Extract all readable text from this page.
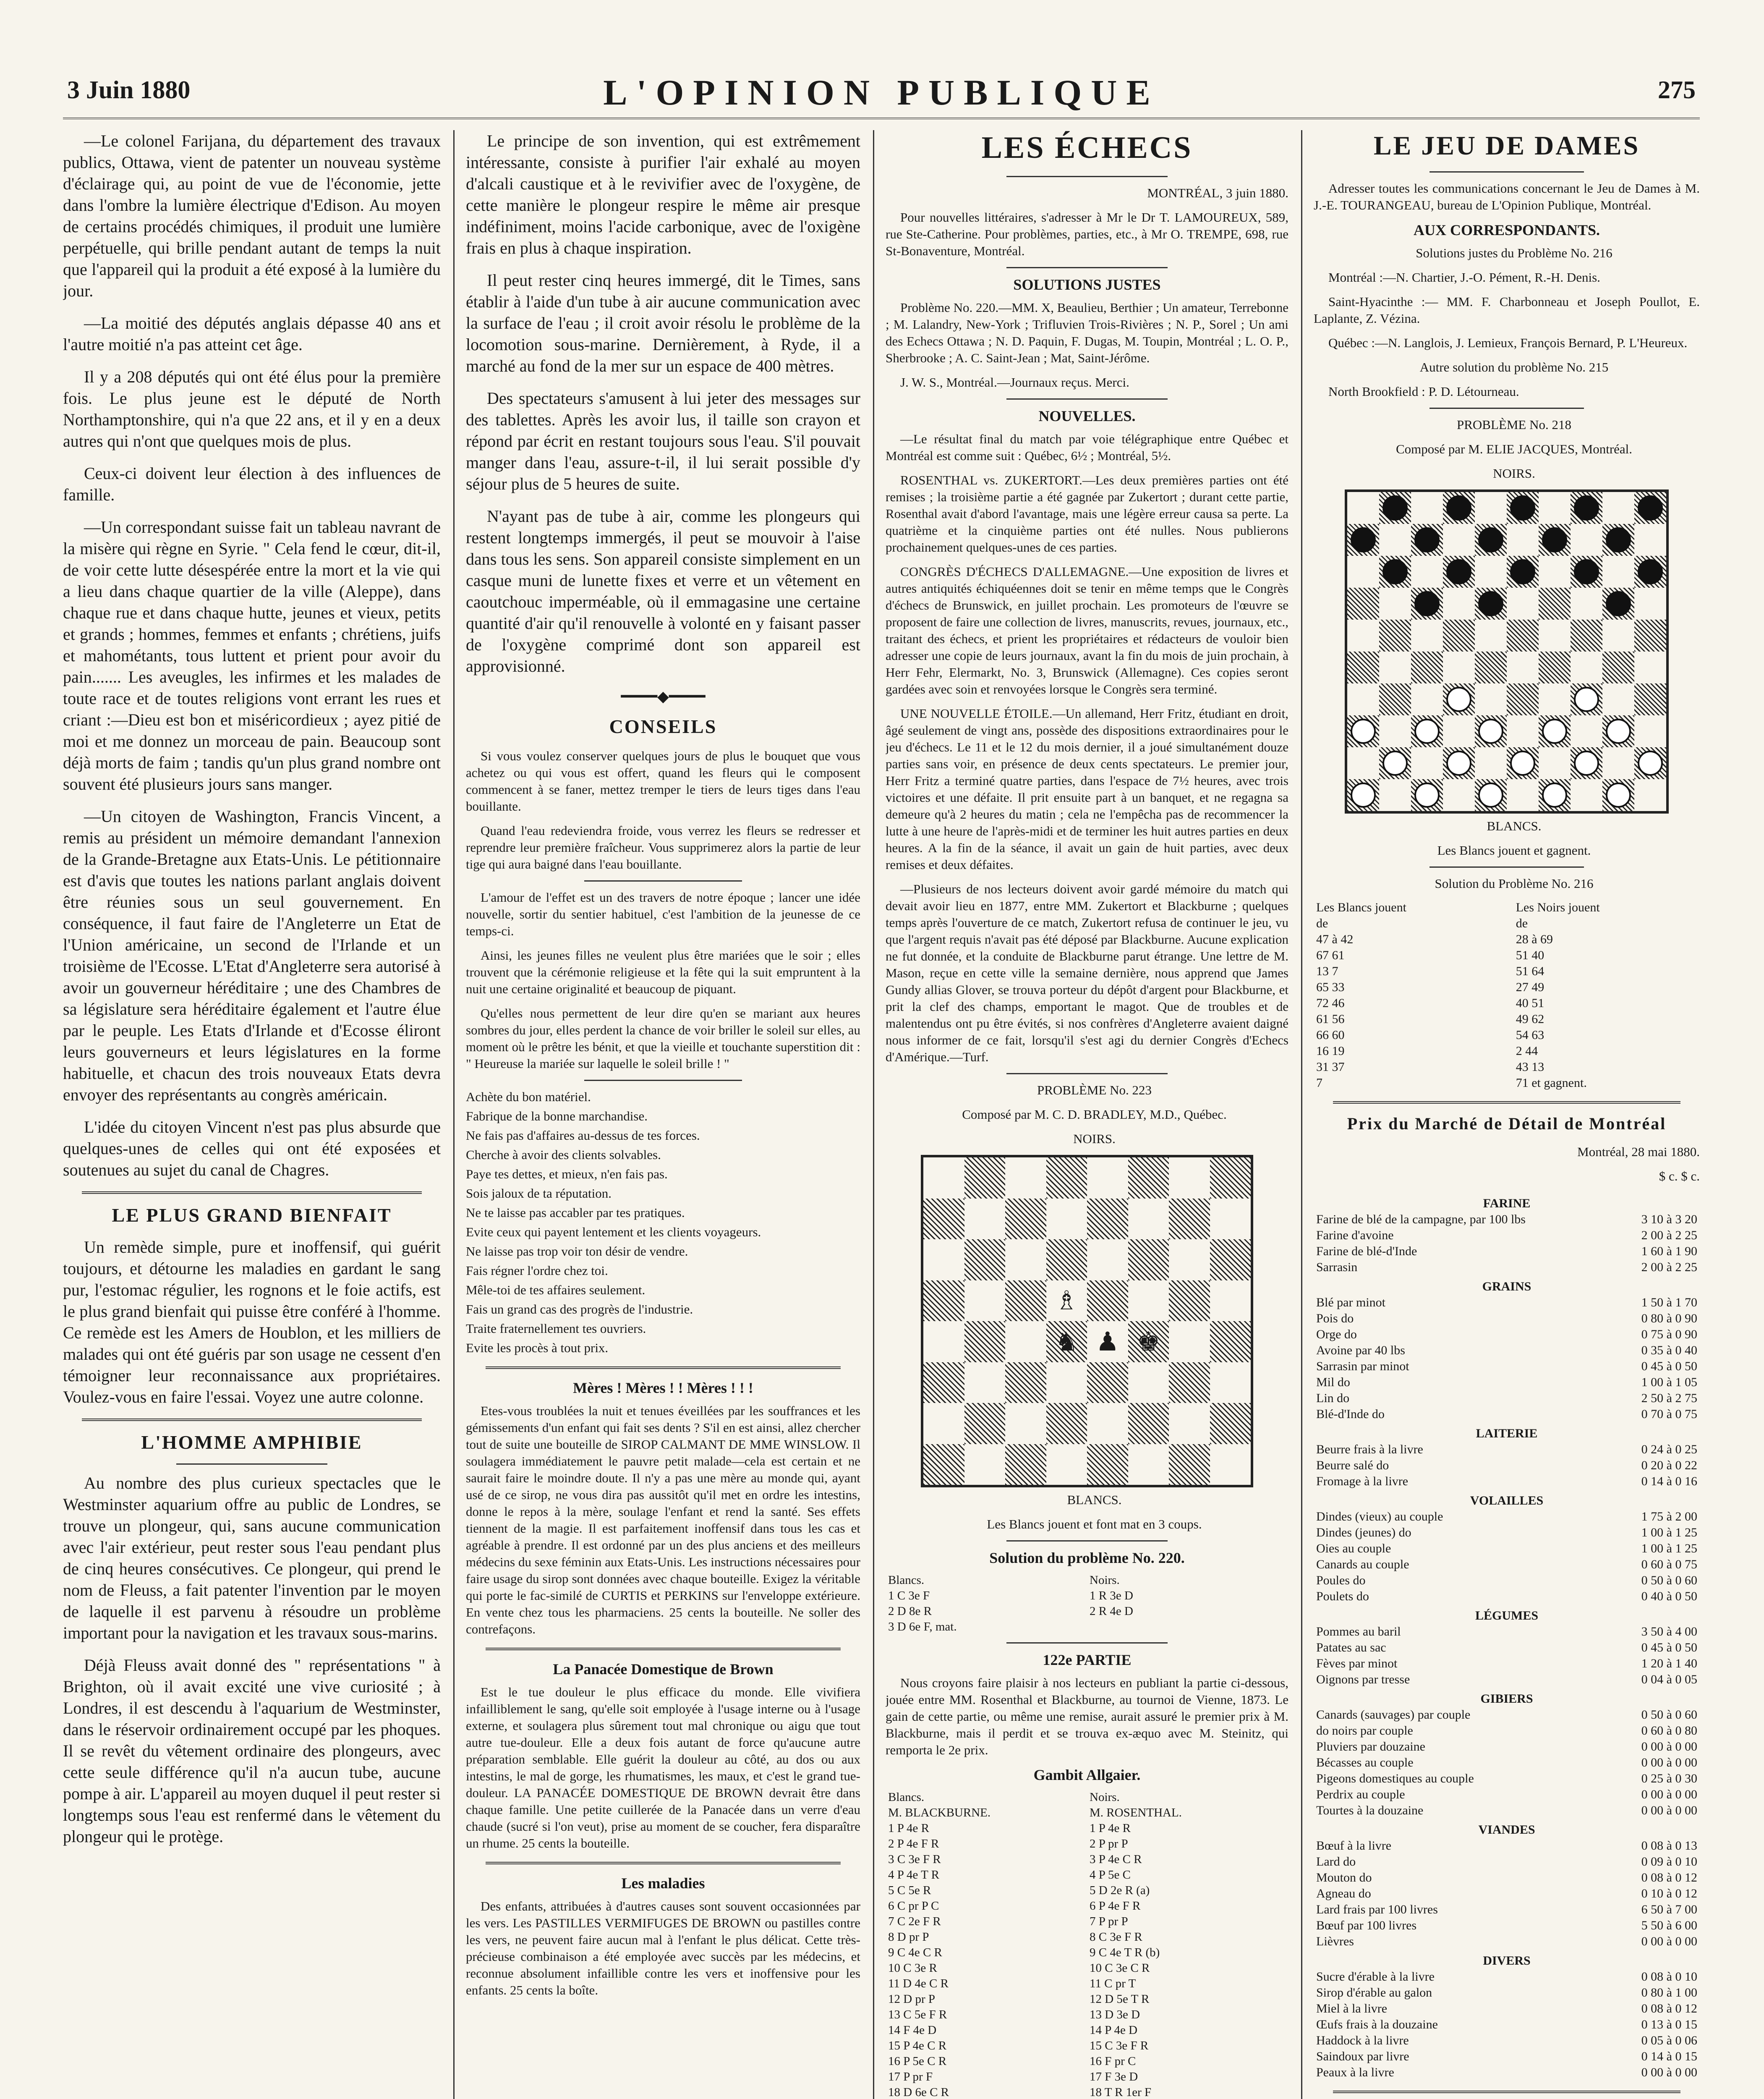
3 Juin 1880	L'OPINION PUBLIQUE	275

—Le colonel Farijana, du département des travaux publics, Ottawa, vient de patenter un nouveau système d'éclairage qui, au point de vue de l'économie, jette dans l'ombre la lumière électrique d'Edison. Au moyen de certains procédés chimiques, il produit une lumière perpétuelle, qui brille pendant autant de temps la nuit que l'appareil qui la produit a été exposé à la lumière du jour.

—La moitié des députés anglais dépasse 40 ans et l'autre moitié n'a pas atteint cet âge.

Il y a 208 députés qui ont été élus pour la première fois. Le plus jeune est le député de North Northamptonshire, qui n'a que 22 ans, et il y en a deux autres qui n'ont que quelques mois de plus.

Ceux-ci doivent leur élection à des influences de famille.

—Un correspondant suisse fait un tableau navrant de la misère qui règne en Syrie. " Cela fend le cœur, dit-il, de voir cette lutte désespérée entre la mort et la vie qui a lieu dans chaque quartier de la ville (Aleppe), dans chaque rue et dans chaque hutte, jeunes et vieux, petits et grands ; hommes, femmes et enfants ; chrétiens, juifs et mahométants, tous luttent et prient pour avoir du pain....... Les aveugles, les infirmes et les malades de toute race et de toutes religions vont errant les rues et criant :—Dieu est bon et miséricordieux ; ayez pitié de moi et me donnez un morceau de pain. Beaucoup sont déjà morts de faim ; tandis qu'un plus grand nombre ont souvent été plusieurs jours sans manger.

—Un citoyen de Washington, Francis Vincent, a remis au président un mémoire demandant l'annexion de la Grande-Bretagne aux Etats-Unis. Le pétitionnaire est d'avis que toutes les nations parlant anglais doivent être réunies sous un seul gouvernement. En conséquence, il faut faire de l'Angleterre un Etat de l'Union américaine, un second de l'Irlande et un troisième de l'Ecosse. L'Etat d'Angleterre sera autorisé à avoir un gouverneur héréditaire ; une des Chambres de sa législature sera héréditaire également et l'autre élue par le peuple. Les Etats d'Irlande et d'Ecosse éliront leurs gouverneurs et leurs législatures en la forme habituelle, et chacun des trois nouveaux Etats devra envoyer des représentants au congrès américain.

L'idée du citoyen Vincent n'est pas plus absurde que quelques-unes de celles qui ont été exposées et soutenues au sujet du canal de Chagres.

LE PLUS GRAND BIENFAIT

Un remède simple, pure et inoffensif, qui guérit toujours, et détourne les maladies en gardant le sang pur, l'estomac régulier, les rognons et le foie actifs, est le plus grand bienfait qui puisse être conféré à l'homme. Ce remède est les Amers de Houblon, et les milliers de malades qui ont été guéris par son usage ne cessent d'en témoigner leur reconnaissance aux propriétaires. Voulez-vous en faire l'essai. Voyez une autre colonne.

L'HOMME AMPHIBIE

Au nombre des plus curieux spectacles que le Westminster aquarium offre au public de Londres, se trouve un plongeur, qui, sans aucune communication avec l'air extérieur, peut rester sous l'eau pendant plus de cinq heures consécutives. Ce plongeur, qui prend le nom de Fleuss, a fait patenter l'invention par le moyen de laquelle il est parvenu à résoudre un problème important pour la navigation et les travaux sous-marins.

Déjà Fleuss avait donné des " représentations " à Brighton, où il avait excité une vive curiosité ; à Londres, il est descendu à l'aquarium de Westminster, dans le réservoir ordinairement occupé par les phoques. Il se revêt du vêtement ordinaire des plongeurs, avec cette seule différence qu'il n'a aucun tube, aucune pompe à air. L'appareil au moyen duquel il peut rester si longtemps sous l'eau est renfermé dans le vêtement du plongeur qui le protège.

Le principe de son invention, qui est extrêmement intéressante, consiste à purifier l'air exhalé au moyen d'alcali caustique et à le revivifier avec de l'oxygène, de cette manière le plongeur respire le même air presque indéfiniment, moins l'acide carbonique, avec de l'oxigène frais en plus à chaque inspiration.

Il peut rester cinq heures immergé, dit le Times, sans établir à l'aide d'un tube à air aucune communication avec la surface de l'eau ; il croit avoir résolu le problème de la locomotion sous-marine. Dernièrement, à Ryde, il a marché au fond de la mer sur un espace de 400 mètres.

Des spectateurs s'amusent à lui jeter des messages sur des tablettes. Après les avoir lus, il taille son crayon et répond par écrit en restant toujours sous l'eau. S'il pouvait manger dans l'eau, assure-t-il, il lui serait possible d'y séjour plus de 5 heures de suite.

N'ayant pas de tube à air, comme les plongeurs qui restent longtemps immergés, il peut se mouvoir à l'aise dans tous les sens. Son appareil consiste simplement en un casque muni de lunette fixes et verre et un vêtement en caoutchouc imperméable, où il emmagasine une certaine quantité d'air qu'il renouvelle à volonté en y faisant passer de l'oxygène comprimé dont son appareil est approvisionné.

━━━━◆━━━━
CONSEILS

Si vous voulez conserver quelques jours de plus le bouquet que vous achetez ou qui vous est offert, quand les fleurs qui le composent commencent à se faner, mettez tremper le tiers de leurs tiges dans l'eau bouillante.

Quand l'eau redeviendra froide, vous verrez les fleurs se redresser et reprendre leur première fraîcheur. Vous supprimerez alors la partie de leur tige qui aura baigné dans l'eau bouillante.

L'amour de l'effet est un des travers de notre époque ; lancer une idée nouvelle, sortir du sentier habituel, c'est l'ambition de la jeunesse de ce temps-ci.

Ainsi, les jeunes filles ne veulent plus être mariées que le soir ; elles trouvent que la cérémonie religieuse et la fête qui la suit empruntent à la nuit une certaine originalité et beaucoup de piquant.

Qu'elles nous permettent de leur dire qu'en se mariant aux heures sombres du jour, elles perdent la chance de voir briller le soleil sur elles, au moment où le prêtre les bénit, et que la vieille et touchante superstition dit : " Heureuse la mariée sur laquelle le soleil brille ! "

Achète du bon matériel.

Fabrique de la bonne marchandise.

Ne fais pas d'affaires au-dessus de tes forces.

Cherche à avoir des clients solvables.

Paye tes dettes, et mieux, n'en fais pas.

Sois jaloux de ta réputation.

Ne te laisse pas accabler par tes pratiques.

Evite ceux qui payent lentement et les clients voyageurs.

Ne laisse pas trop voir ton désir de vendre.

Fais régner l'ordre chez toi.

Mêle-toi de tes affaires seulement.

Fais un grand cas des progrès de l'industrie.

Traite fraternellement tes ouvriers.

Evite les procès à tout prix.

Mères ! Mères ! ! Mères ! ! !

Etes-vous troublées la nuit et tenues éveillées par les souffrances et les gémissements d'un enfant qui fait ses dents ? S'il en est ainsi, allez chercher tout de suite une bouteille de SIROP CALMANT DE MME WINSLOW. Il soulagera immédiatement le pauvre petit malade—cela est certain et ne saurait faire le moindre doute. Il n'y a pas une mère au monde qui, ayant usé de ce sirop, ne vous dira pas aussitôt qu'il met en ordre les intestins, donne le repos à la mère, soulage l'enfant et rend la santé. Ses effets tiennent de la magie. Il est parfaitement inoffensif dans tous les cas et agréable à prendre. Il est ordonné par un des plus anciens et des meilleurs médecins du sexe féminin aux Etats-Unis. Les instructions nécessaires pour faire usage du sirop sont données avec chaque bouteille. Exigez la véritable qui porte le fac-similé de CURTIS et PERKINS sur l'enveloppe extérieure. En vente chez tous les pharmaciens. 25 cents la bouteille. Ne soller des contrefaçons.

La Panacée Domestique de Brown

Est le tue douleur le plus efficace du monde. Elle vivifiera infailliblement le sang, qu'elle soit employée à l'usage interne ou à l'usage externe, et soulagera plus sûrement tout mal chronique ou aigu que tout autre tue-douleur. Elle a deux fois autant de force qu'aucune autre préparation semblable. Elle guérit la douleur au côté, au dos ou aux intestins, le mal de gorge, les rhumatismes, les maux, et c'est le grand tue-douleur. LA PANACÉE DOMESTIQUE DE BROWN devrait être dans chaque famille. Une petite cuillerée de la Panacée dans un verre d'eau chaude (sucré si l'on veut), prise au moment de se coucher, fera disparaître un rhume. 25 cents la bouteille.

Les maladies

Des enfants, attribuées à d'autres causes sont souvent occasionnées par les vers. Les PASTILLES VERMIFUGES DE BROWN ou pastilles contre les vers, ne peuvent faire aucun mal à l'enfant le plus délicat. Cette très-précieuse combinaison a été employée avec succès par les médecins, et reconnue absolument infaillible contre les vers et inoffensive pour les enfants. 25 cents la boîte.

LES ÉCHECS

MONTRÉAL, 3 juin 1880.

Pour nouvelles littéraires, s'adresser à Mr le Dr T. LAMOUREUX, 589, rue Ste-Catherine. Pour problèmes, parties, etc., à Mr O. TREMPE, 698, rue St-Bonaventure, Montréal.

SOLUTIONS JUSTES

Problème No. 220.—MM. X, Beaulieu, Berthier ; Un amateur, Terrebonne ; M. Lalandry, New-York ; Trifluvien Trois-Rivières ; N. P., Sorel ; Un ami des Echecs Ottawa ; N. D. Paquin, F. Dugas, M. Toupin, Montréal ; L. O. P., Sherbrooke ; A. C. Saint-Jean ; Mat, Saint-Jérôme.

J. W. S., Montréal.—Journaux reçus. Merci.

NOUVELLES.

—Le résultat final du match par voie télégraphique entre Québec et Montréal est comme suit : Québec, 6½ ; Montréal, 5½.

ROSENTHAL vs. ZUKERTORT.—Les deux premières parties ont été remises ; la troisième partie a été gagnée par Zukertort ; durant cette partie, Rosenthal avait d'abord l'avantage, mais une légère erreur causa sa perte. La quatrième et la cinquième parties ont été nulles. Nous publierons prochainement quelques-unes de ces parties.

CONGRÈS D'ÉCHECS D'ALLEMAGNE.—Une exposition de livres et autres antiquités échiquéennes doit se tenir en même temps que le Congrès d'échecs de Brunswick, en juillet prochain. Les promoteurs de l'œuvre se proposent de faire une collection de livres, manuscrits, revues, journaux, etc., traitant des échecs, et prient les propriétaires et rédacteurs de vouloir bien adresser une copie de leurs journaux, avant la fin du mois de juin prochain, à Herr Fehr, Elermarkt, No. 3, Brunswick (Allemagne). Ces copies seront gardées avec soin et renvoyées lorsque le Congrès sera terminé.

UNE NOUVELLE ÉTOILE.—Un allemand, Herr Fritz, étudiant en droit, âgé seulement de vingt ans, possède des dispositions extraordinaires pour le jeu d'échecs. Le 11 et le 12 du mois dernier, il a joué simultanément douze parties sans voir, en présence de deux cents spectateurs. Le premier jour, Herr Fritz a terminé quatre parties, dans l'espace de 7½ heures, avec trois victoires et une défaite. Il prit ensuite part à un banquet, et ne regagna sa demeure qu'à 2 heures du matin ; cela ne l'empêcha pas de recommencer la lutte à une heure de l'après-midi et de terminer les huit autres parties en deux heures. A la fin de la séance, il avait un gain de huit parties, avec deux remises et deux défaites.

—Plusieurs de nos lecteurs doivent avoir gardé mémoire du match qui devait avoir lieu en 1877, entre MM. Zukertort et Blackburne ; quelques temps après l'ouverture de ce match, Zukertort refusa de continuer le jeu, vu que l'argent requis n'avait pas été déposé par Blackburne. Aucune explication ne fut donnée, et la conduite de Blackburne parut étrange. Une lettre de M. Mason, reçue en cette ville la semaine dernière, nous apprend que James Gundy allias Glover, se trouva porteur du dépôt d'argent pour Blackburne, et prit la clef des champs, emportant le magot. Que de troubles et de malentendus ont pu être évités, si nos confrères d'Angleterre avaient daigné nous informer de ce fait, lorsqu'il s'est agi du dernier Congrès d'Echecs d'Amérique.—Turf.

PROBLÈME No. 223

Composé par M. C. D. BRADLEY, M.D., Québec.

NOIRS.

♗
♞ ♟ ♚

BLANCS.

Les Blancs jouent et font mat en 3 coups.

Solution du problème No. 220.
Blancs.	Noirs.
1 C 3e F	1 R 3e D
2 D 8e R	2 R 4e D
3 D 6e F, mat.	
122e PARTIE

Nous croyons faire plaisir à nos lecteurs en publiant la partie ci-dessous, jouée entre MM. Rosenthal et Blackburne, au tournoi de Vienne, 1873. Le gain de cette partie, ou même une remise, aurait assuré le premier prix à M. Blackburne, mais il perdit et se trouva ex-æquo avec M. Steinitz, qui remporta le 2e prix.

Gambit Allgaier.
Blancs.	Noirs.
M. BLACKBURNE.	M. ROSENTHAL.
1 P 4e R	1 P 4e R
2 P 4e F R	2 P pr P
3 C 3e F R	3 P 4e C R
4 P 4e T R	4 P 5e C
5 C 5e R	5 D 2e R (a)
6 C pr P C	6 P 4e F R
7 C 2e F R	7 P pr P
8 D pr P	8 C 3e F R
9 C 4e C R	9 C 4e T R (b)
10 C 3e R	10 C 3e C R
11 D 4e C R	11 C pr T
12 D pr P	12 D 5e T R
13 C 5e F R	13 D 3e D
14 F 4e D	14 P 4e D
15 P 4e C R	15 C 3e F R
16 P 5e C R	16 F pr C
17 P pr F	17 F 3e D
18 D 6e C R	18 T R 1er F

LE JEU DE DAMES

Adresser toutes les communications concernant le Jeu de Dames à M. J.-E. TOURANGEAU, bureau de L'Opinion Publique, Montréal.

AUX CORRESPONDANTS.

Solutions justes du Problème No. 216

Montréal :—N. Chartier, J.-O. Pément, R.-H. Denis.

Saint-Hyacinthe :— MM. F. Charbonneau et Joseph Poullot, E. Laplante, Z. Vézina.

Québec :—N. Langlois, J. Lemieux, François Bernard, P. L'Heureux.

Autre solution du problème No. 215

North Brookfield : P. D. Létourneau.

PROBLÈME No. 218

Composé par M. ELIE JACQUES, Montréal.

NOIRS.

BLANCS.

Les Blancs jouent et gagnent.

Solution du Problème No. 216

Les Blancs jouent	Les Noirs jouent
de	de
47 à 42	28 à 69
67 61	51 40
13 7	51 64
65 33	27 49
72 46	40 51
61 56	49 62
66 60	54 63
16 19	2 44
31 37	43 13
7	71 et gagnent.
Prix du Marché de Détail de Montréal

Montréal, 28 mai 1880.

$ c. $ c.

FARINE	
Farine de blé de la campagne, par 100 lbs	3 10 à 3 20
Farine d'avoine	2 00 à 2 25
Farine de blé-d'Inde	1 60 à 1 90
Sarrasin	2 00 à 2 25
GRAINS	
Blé par minot	1 50 à 1 70
Pois do	0 80 à 0 90
Orge do	0 75 à 0 90
Avoine par 40 lbs	0 35 à 0 40
Sarrasin par minot	0 45 à 0 50
Mil do	1 00 à 1 05
Lin do	2 50 à 2 75
Blé-d'Inde do	0 70 à 0 75
LAITERIE	
Beurre frais à la livre	0 24 à 0 25
Beurre salé do	0 20 à 0 22
Fromage à la livre	0 14 à 0 16
VOLAILLES	
Dindes (vieux) au couple	1 75 à 2 00
Dindes (jeunes) do	1 00 à 1 25
Oies au couple	1 00 à 1 25
Canards au couple	0 60 à 0 75
Poules do	0 50 à 0 60
Poulets do	0 40 à 0 50
LÉGUMES	
Pommes au baril	3 50 à 4 00
Patates au sac	0 45 à 0 50
Fèves par minot	1 20 à 1 40
Oignons par tresse	0 04 à 0 05
GIBIERS	
Canards (sauvages) par couple	0 50 à 0 60
do noirs par couple	0 60 à 0 80
Pluviers par douzaine	0 00 à 0 00
Bécasses au couple	0 00 à 0 00
Pigeons domestiques au couple	0 25 à 0 30
Perdrix au couple	0 00 à 0 00
Tourtes à la douzaine	0 00 à 0 00
VIANDES	
Bœuf à la livre	0 08 à 0 13
Lard do	0 09 à 0 10
Mouton do	0 08 à 0 12
Agneau do	0 10 à 0 12
Lard frais par 100 livres	6 50 à 7 00
Bœuf par 100 livres	5 50 à 6 00
Lièvres	0 00 à 0 00
DIVERS	
Sucre d'érable à la livre	0 08 à 0 10
Sirop d'érable au galon	0 80 à 1 00
Miel à la livre	0 08 à 0 12
Œufs frais à la douzaine	0 13 à 0 15
Haddock à la livre	0 05 à 0 06
Saindoux par livre	0 14 à 0 15
Peaux à la livre	0 00 à 0 00
